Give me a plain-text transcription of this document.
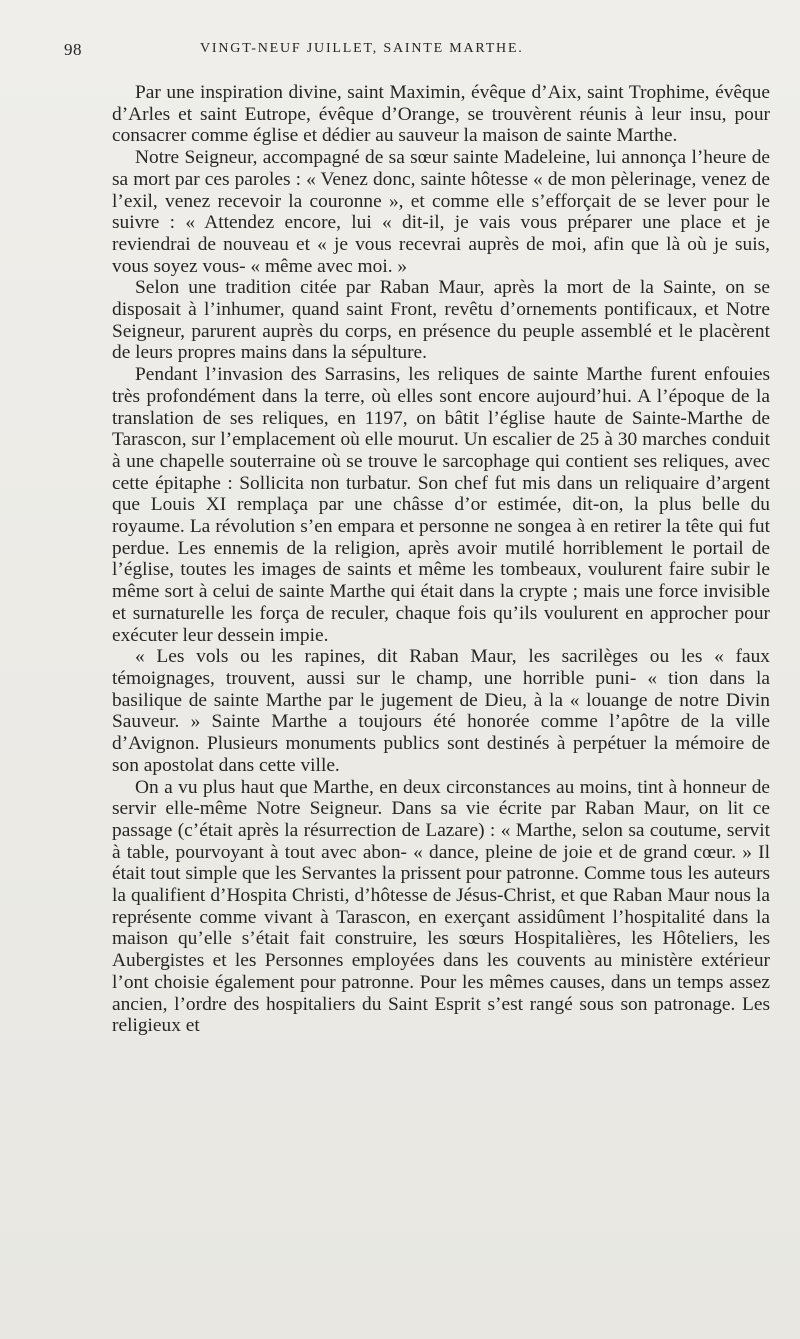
98	VINGT-NEUF JUILLET, SAINTE MARTHE.

Par une inspiration divine, saint Maximin, évêque d’Aix, saint Trophime, évêque d’Arles et saint Eutrope, évêque d’Orange, se trouvèrent réunis à leur insu, pour consacrer comme église et dédier au sauveur la maison de sainte Marthe.

Notre Seigneur, accompagné de sa sœur sainte Madeleine, lui annonça l’heure de sa mort par ces paroles : « Venez donc, sainte hôtesse « de mon pèlerinage, venez de l’exil, venez recevoir la couronne », et comme elle s’efforçait de se lever pour le suivre : « Attendez encore, lui « dit-il, je vais vous préparer une place et je reviendrai de nouveau et « je vous recevrai auprès de moi, afin que là où je suis, vous soyez vous- « même avec moi. »

Selon une tradition citée par Raban Maur, après la mort de la Sainte, on se disposait à l’inhumer, quand saint Front, revêtu d’ornements pontificaux, et Notre Seigneur, parurent auprès du corps, en présence du peuple assemblé et le placèrent de leurs propres mains dans la sépulture.

Pendant l’invasion des Sarrasins, les reliques de sainte Marthe furent enfouies très profondément dans la terre, où elles sont encore aujourd’hui. A l’époque de la translation de ses reliques, en 1197, on bâtit l’église haute de Sainte-Marthe de Tarascon, sur l’emplacement où elle mourut. Un escalier de 25 à 30 marches conduit à une chapelle souterraine où se trouve le sarcophage qui contient ses reliques, avec cette épitaphe : Sollicita non turbatur. Son chef fut mis dans un reliquaire d’argent que Louis XI remplaça par une châsse d’or estimée, dit-on, la plus belle du royaume. La révolution s’en empara et personne ne songea à en retirer la tête qui fut perdue. Les ennemis de la religion, après avoir mutilé horriblement le portail de l’église, toutes les images de saints et même les tombeaux, voulurent faire subir le même sort à celui de sainte Marthe qui était dans la crypte ; mais une force invisible et surnaturelle les força de reculer, chaque fois qu’ils voulurent en approcher pour exécuter leur dessein impie.

« Les vols ou les rapines, dit Raban Maur, les sacrilèges ou les « faux témoignages, trouvent, aussi sur le champ, une horrible puni- « tion dans la basilique de sainte Marthe par le jugement de Dieu, à la « louange de notre Divin Sauveur. » Sainte Marthe a toujours été honorée comme l’apôtre de la ville d’Avignon. Plusieurs monuments publics sont destinés à perpétuer la mémoire de son apostolat dans cette ville.

On a vu plus haut que Marthe, en deux circonstances au moins, tint à honneur de servir elle-même Notre Seigneur. Dans sa vie écrite par Raban Maur, on lit ce passage (c’était après la résurrection de Lazare) : « Marthe, selon sa coutume, servit à table, pourvoyant à tout avec abon- « dance, pleine de joie et de grand cœur. » Il était tout simple que les Servantes la prissent pour patronne. Comme tous les auteurs la qualifient d’Hospita Christi, d’hôtesse de Jésus-Christ, et que Raban Maur nous la représente comme vivant à Tarascon, en exerçant assidûment l’hospitalité dans la maison qu’elle s’était fait construire, les sœurs Hospitalières, les Hôteliers, les Aubergistes et les Personnes employées dans les couvents au ministère extérieur l’ont choisie également pour patronne. Pour les mêmes causes, dans un temps assez ancien, l’ordre des hospitaliers du Saint Esprit s’est rangé sous son patronage. Les religieux et
